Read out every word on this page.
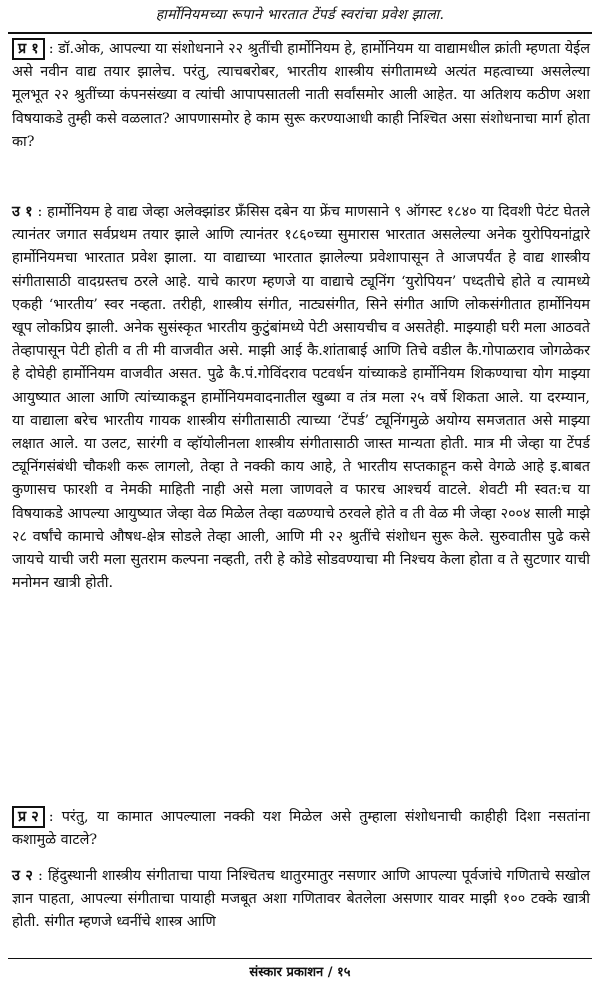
हार्मोनियमच्या रूपाने भारतात टेंपर्ड स्वरांचा प्रवेश झाला.
प्र १ : डॉ.ओक, आपल्या या संशोधनाने २२ श्रुतींची हार्मोनियम हे, हार्मोनियम या वाद्यामधील क्रांती म्हणता येईल असे नवीन वाद्य तयार झालेच. परंतु, त्याचबरोबर, भारतीय शास्त्रीय संगीतामध्ये अत्यंत महत्वाच्या असलेल्या मूलभूत २२ श्रुतींच्या कंपनसंख्या व त्यांची आपापसातली नाती सर्वांसमोर आली आहेत. या अतिशय कठीण अशा विषयाकडे तुम्ही कसे वळलात? आपणासमोर हे काम सुरू करण्याआधी काही निश्चित असा संशोधनाचा मार्ग होता का?
उ १ : हार्मोनियम हे वाद्य जेव्हा अलेक्झांडर फ्रँसिस दबेन या फ्रेंच माणसाने ९ ऑगस्ट १८४० या दिवशी पेटंट घेतले त्यानंतर जगात सर्वप्रथम तयार झाले आणि त्यानंतर १८६०च्या सुमारास भारतात असलेल्या अनेक युरोपियनांद्वारे हार्मोनियमचा भारतात प्रवेश झाला. या वाद्याच्या भारतात झालेल्या प्रवेशापासून ते आजपर्यंत हे वाद्य शास्त्रीय संगीतासाठी वादग्रस्तच ठरले आहे. याचे कारण म्हणजे या वाद्याचे ट्यूनिंग ‘युरोपियन’ पध्दतीचे होते व त्यामध्ये एकही ‘भारतीय’ स्वर नव्हता. तरीही, शास्त्रीय संगीत, नाट्यसंगीत, सिने संगीत आणि लोकसंगीतात हार्मोनियम खूप लोकप्रिय झाली. अनेक सुसंस्कृत भारतीय कुटुंबांमध्ये पेटी असायचीच व असतेही. माझ्याही घरी मला आठवते तेव्हापासून पेटी होती व ती मी वाजवीत असे. माझी आई कै.शांताबाई आणि तिचे वडील कै.गोपाळराव जोगळेकर हे दोघेही हार्मोनियम वाजवीत असत. पुढे कै.पं.गोविंदराव पटवर्धन यांच्याकडे हार्मोनियम शिकण्याचा योग माझ्या आयुष्यात आला आणि त्यांच्याकडून हार्मोनियमवादनातील खुब्या व तंत्र मला २५ वर्षे शिकता आले. या दरम्यान, या वाद्याला बरेच भारतीय गायक शास्त्रीय संगीतासाठी त्याच्या ‘टेंपर्ड’ ट्यूनिंगमुळे अयोग्य समजतात असे माझ्या लक्षात आले. या उलट, सारंगी व व्हॉयोलीनला शास्त्रीय संगीतासाठी जास्त मान्यता होती. मात्र मी जेव्हा या टेंपर्ड ट्यूनिंगसंबंधी चौकशी करू लागलो, तेव्हा ते नक्की काय आहे, ते भारतीय सप्तकाहून कसे वेगळे आहे इ.बाबत कुणासच फारशी व नेमकी माहिती नाही असे मला जाणवले व फारच आश्चर्य वाटले. शेवटी मी स्वत:च या विषयाकडे आपल्या आयुष्यात जेव्हा वेळ मिळेल तेव्हा वळण्याचे ठरवले होते व ती वेळ मी जेव्हा २००४ साली माझे २८ वर्षांचे कामाचे औषध-क्षेत्र सोडले तेव्हा आली, आणि मी २२ श्रुतींचे संशोधन सुरू केले. सुरुवातीस पुढे कसे जायचे याची जरी मला सुतराम कल्पना नव्हती, तरी हे कोडे सोडवण्याचा मी निश्चय केला होता व ते सुटणार याची मनोमन खात्री होती.
प्र २ : परंतु, या कामात आपल्याला नक्की यश मिळेल असे तुम्हाला संशोधनाची काहीही दिशा नसतांना कशामुळे वाटले?
उ २ : हिंदुस्थानी शास्त्रीय संगीताचा पाया निश्चितच थातुरमातुर नसणार आणि आपल्या पूर्वजांचे गणिताचे सखोल ज्ञान पाहता, आपल्या संगीताचा पायाही मजबूत अशा गणितावर बेतलेला असणार यावर माझी १०० टक्के खात्री होती. संगीत म्हणजे ध्वनींचे शास्त्र आणि
संस्कार प्रकाशन / १५
